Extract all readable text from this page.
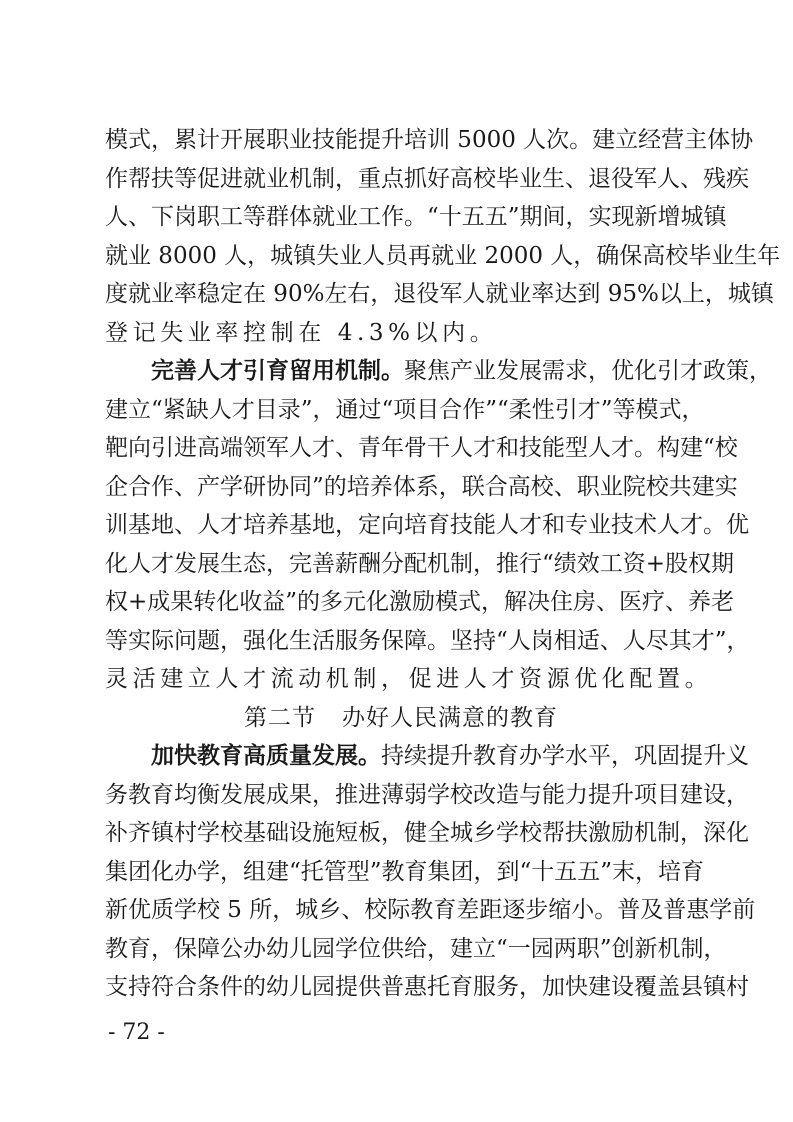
模式，累计开展职业技能提升培训 5000 人次。建立经营主体协
作帮扶等促进就业机制，重点抓好高校毕业生、退役军人、残疾
人、下岗职工等群体就业工作。“十五五”期间，实现新增城镇
就业 8000 人，城镇失业人员再就业 2000 人，确保高校毕业生年
度就业率稳定在 90%左右，退役军人就业率达到 95%以上，城镇
登记失业率控制在 4.3%以内。
完善人才引育留用机制。聚焦产业发展需求，优化引才政策，
建立“紧缺人才目录”，通过“项目合作”“柔性引才”等模式，
靶向引进高端领军人才、青年骨干人才和技能型人才。构建“校
企合作、产学研协同”的培养体系，联合高校、职业院校共建实
训基地、人才培养基地，定向培育技能人才和专业技术人才。优
化人才发展生态，完善薪酬分配机制，推行“绩效工资+股权期
权+成果转化收益”的多元化激励模式，解决住房、医疗、养老
等实际问题，强化生活服务保障。坚持“人岗相适、人尽其才”，
灵活建立人才流动机制，促进人才资源优化配置。
第二节 办好人民满意的教育
加快教育高质量发展。持续提升教育办学水平，巩固提升义
务教育均衡发展成果，推进薄弱学校改造与能力提升项目建设，
补齐镇村学校基础设施短板，健全城乡学校帮扶激励机制，深化
集团化办学，组建“托管型”教育集团，到“十五五”末，培育
新优质学校 5 所，城乡、校际教育差距逐步缩小。普及普惠学前
教育，保障公办幼儿园学位供给，建立“一园两职”创新机制，
支持符合条件的幼儿园提供普惠托育服务，加快建设覆盖县镇村
- 72 -
